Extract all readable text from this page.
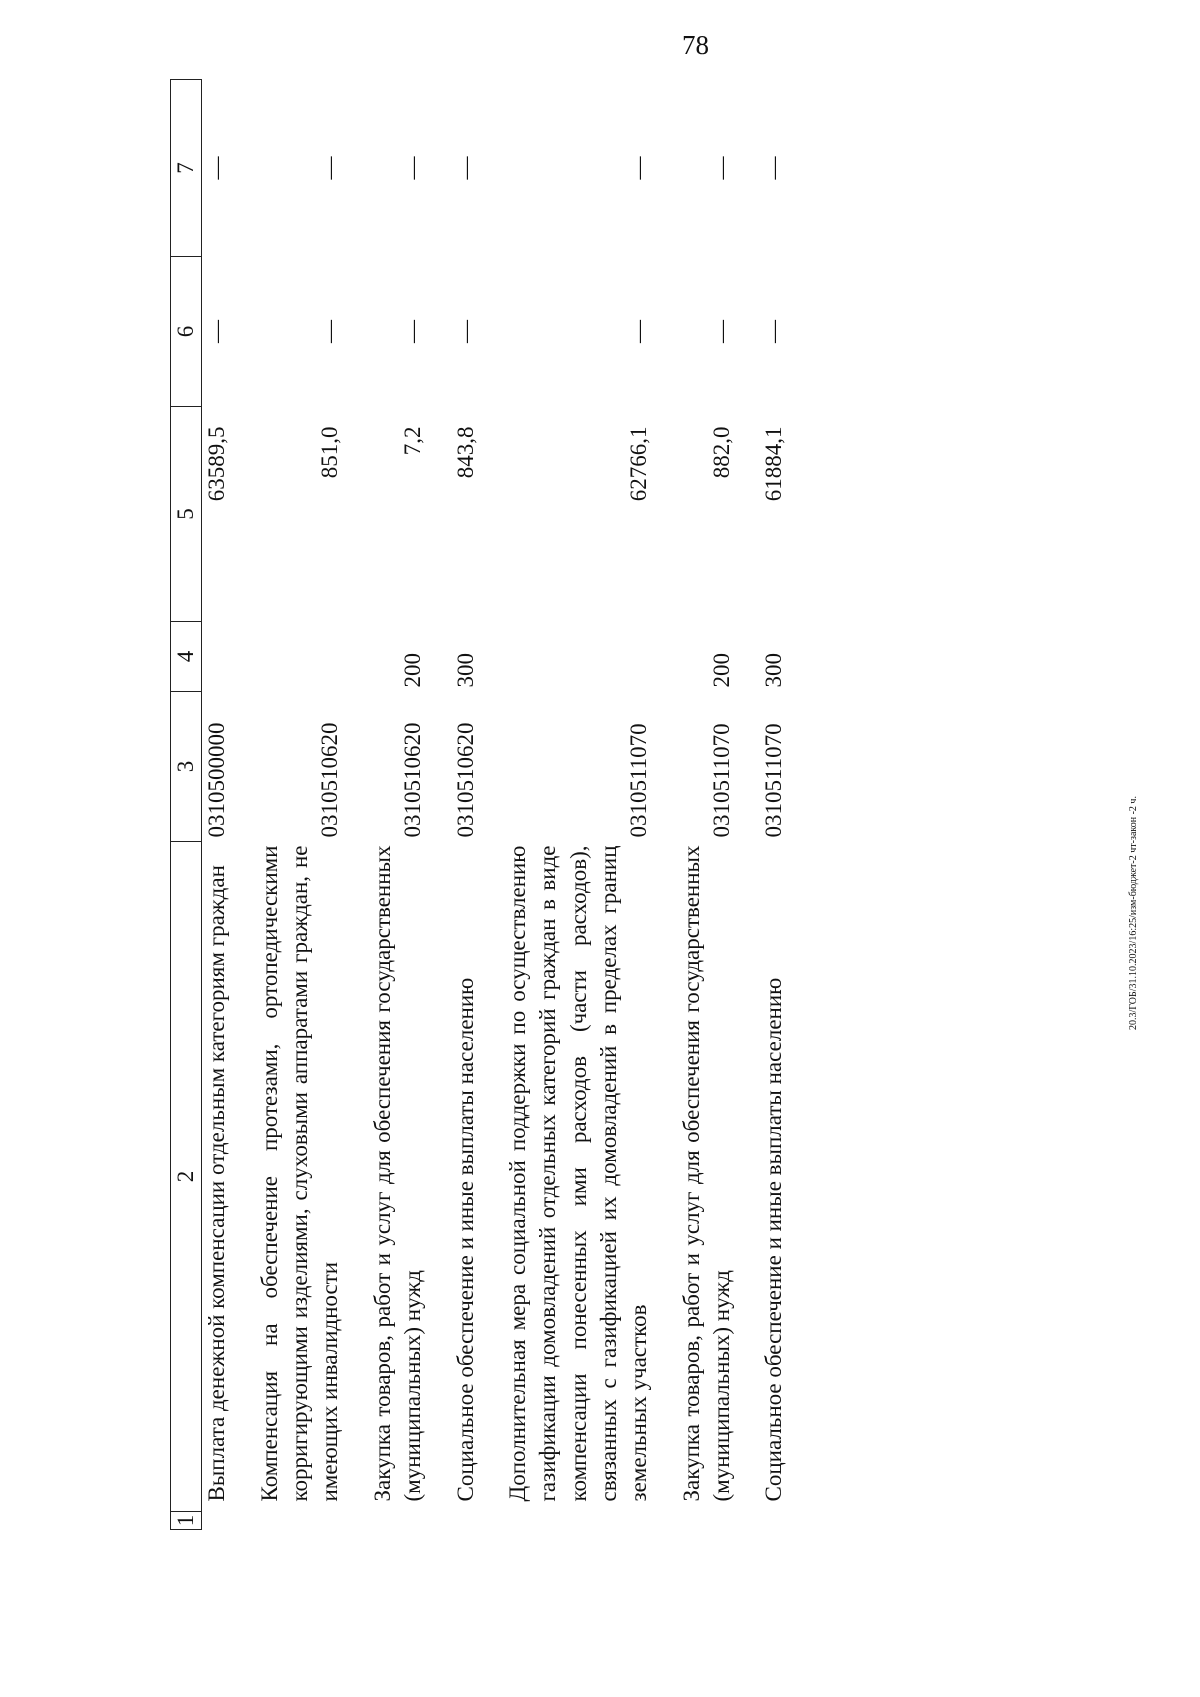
78
20.3/ГОБ/31.10.2023/16:25/изм-бюджет-2 чт-закон -2 ч.
1	2	3	4	5	6	7
	Выплата денежной компенсации отдельным категориям граждан	0310500000		63589,5	—	—

	Компенсация на обеспечение протезами, ортопедическими корригирующими изделиями, слуховыми аппаратами граждан, не имеющих инвалидности	0310510620		851,0	—	—

	Закупка товаров, работ и услуг для обеспечения государственных (муниципальных) нужд	0310510620	200	7,2	—	—

	Социальное обеспечение и иные выплаты населению	0310510620	300	843,8	—	—

	Дополнительная мера социальной поддержки по осуществлению газификации домовладений отдельных категорий граждан в виде компенсации понесенных ими расходов (части расходов), связанных с газификацией их домовладений в пределах границ земельных участков	0310511070		62766,1	—	—

	Закупка товаров, работ и услуг для обеспечения государственных (муниципальных) нужд	0310511070	200	882,0	—	—

	Социальное обеспечение и иные выплаты населению	0310511070	300	61884,1	—	—
